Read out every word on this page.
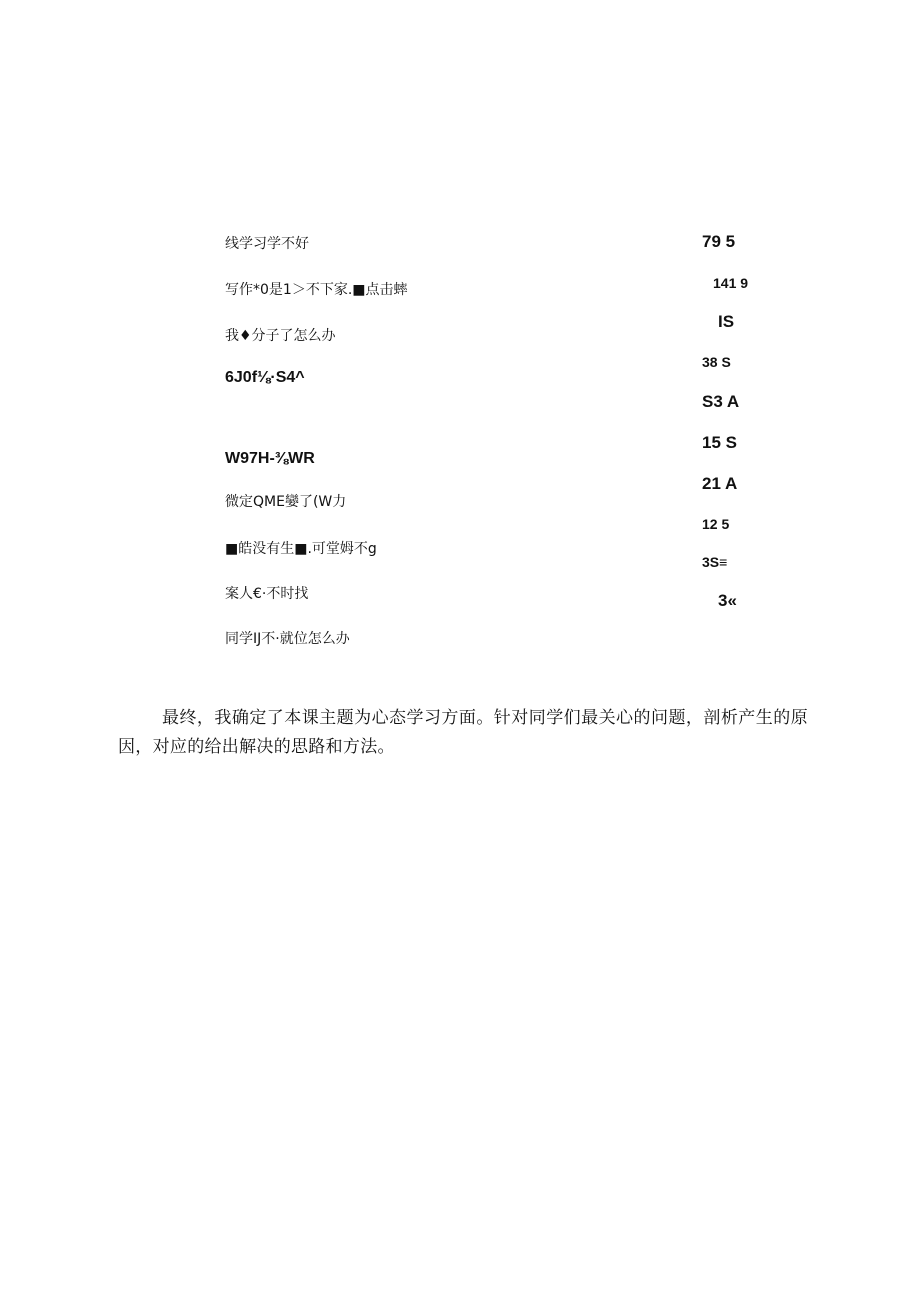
线学习学不好
写作*0是1＞不下家.■点击蟀
我♦分子了怎么办
6J0f⅛·S4^
W97H-⅜WR
微定QME孌了(W力
■皓没有生■.可堂姆不g
案人€·不时找
同学IJ不·就位怎么办
79 5
141 9
IS
38 S
S3 A
15 S
21 A
12 5
3S≡
3«

最终，我确定了本课主题为心态学习方面。针对同学们最关心的问题，剖析产生的原因，对应的给出解决的思路和方法。
